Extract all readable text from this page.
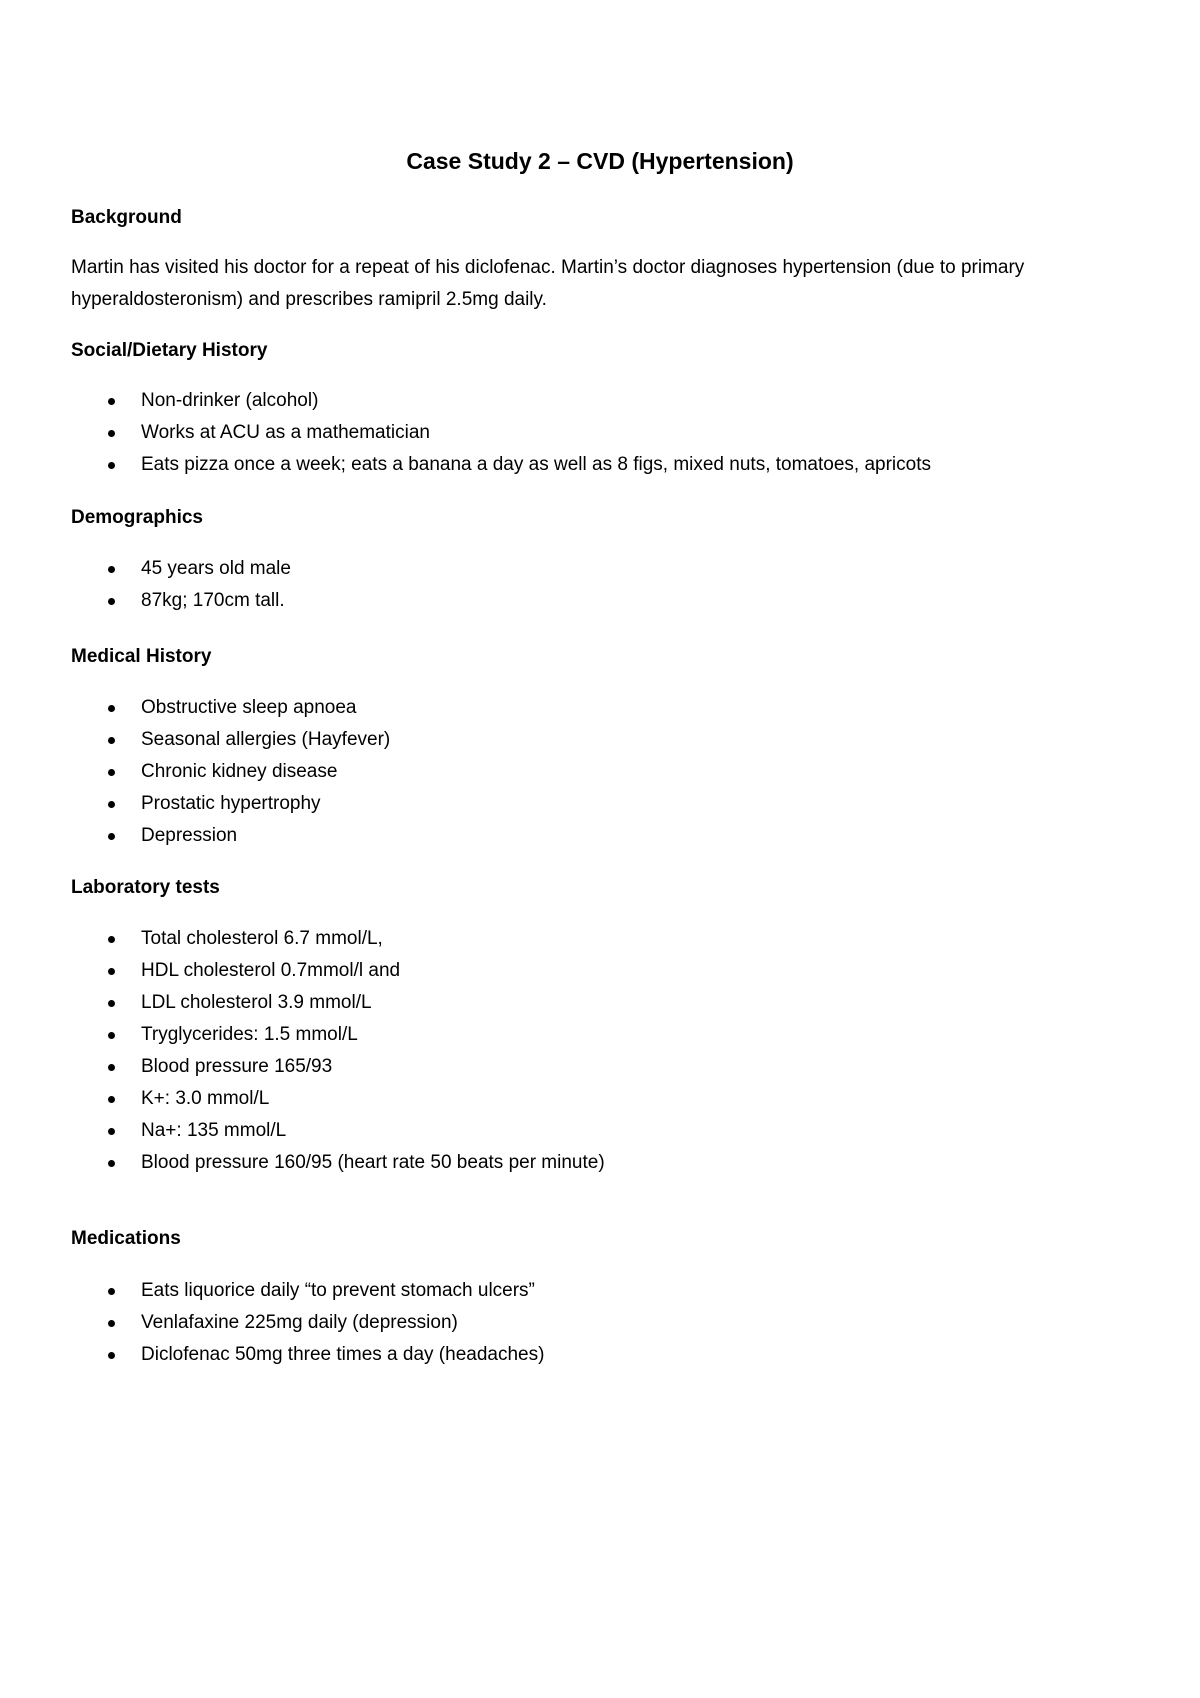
Case Study 2 – CVD (Hypertension)
Background
Martin has visited his doctor for a repeat of his diclofenac. Martin’s doctor diagnoses hypertension (due to primary
hyperaldosteronism) and prescribes ramipril 2.5mg daily.
Social/Dietary History
Non-drinker (alcohol)
Works at ACU as a mathematician
Eats pizza once a week; eats a banana a day as well as 8 figs, mixed nuts, tomatoes, apricots
Demographics
45 years old male
87kg; 170cm tall.
Medical History
Obstructive sleep apnoea
Seasonal allergies (Hayfever)
Chronic kidney disease
Prostatic hypertrophy
Depression
Laboratory tests
Total cholesterol 6.7 mmol/L,
HDL cholesterol 0.7mmol/l and
LDL cholesterol 3.9 mmol/L
Tryglycerides: 1.5 mmol/L
Blood pressure 165/93
K+: 3.0 mmol/L
Na+: 135 mmol/L
Blood pressure 160/95 (heart rate 50 beats per minute)
Medications
Eats liquorice daily “to prevent stomach ulcers”
Venlafaxine 225mg daily (depression)
Diclofenac 50mg three times a day (headaches)
